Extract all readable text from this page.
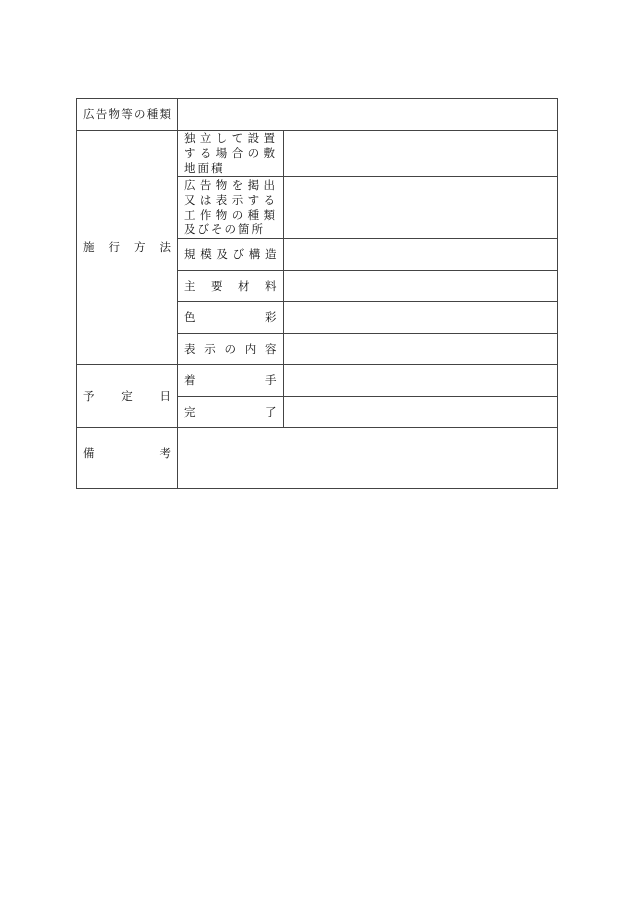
広告物等の種類		
施　行　方　法	独立して設置する場合の敷地面積	
	広告物を掲出又は表示する工作物の種類及びその箇所	
	規 模 及 び 構 造	
	主　要　材　料	
	色　　　彩	
	表 示 の 内 容	
予　　定　　日	着　　　手	
	完　　　了	
備　　　　考		
